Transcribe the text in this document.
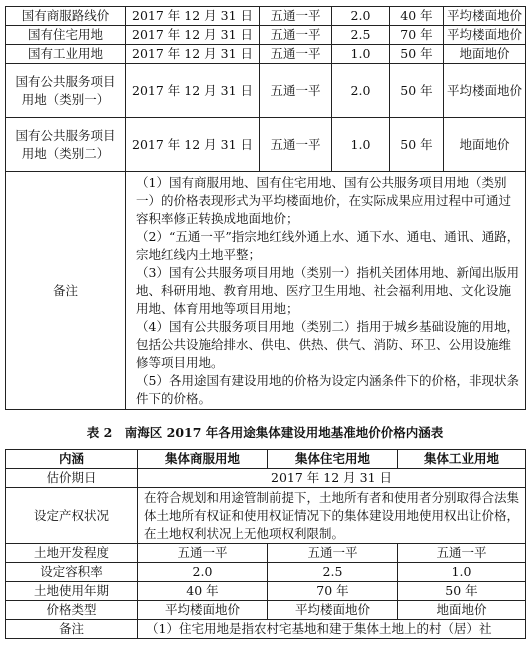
国有商服路线价	2017 年 12 月 31 日	五通一平	2.0	40 年	平均楼面地价
国有住宅用地	2017 年 12 月 31 日	五通一平	2.5	70 年	平均楼面地价
国有工业用地	2017 年 12 月 31 日	五通一平	1.0	50 年	地面地价
国有公共服务项目用地（类别一）	2017 年 12 月 31 日	五通一平	2.0	50 年	平均楼面地价
国有公共服务项目用地（类别二）	2017 年 12 月 31 日	五通一平	1.0	50 年	地面地价
备注	（1）国有商服用地、国有住宅用地、国有公共服务项目用地（类别一）的价格表现形式为平均楼面地价，在实际成果应用过程中可通过容积率修正转换成地面地价；

（2）“五通一平”指宗地红线外通上水、通下水、通电、通讯、通路，宗地红线内土地平整；

（3）国有公共服务项目用地（类别一）指机关团体用地、新闻出版用地、科研用地、教育用地、医疗卫生用地、社会福利用地、文化设施用地、体育用地等项目用地；

（4）国有公共服务项目用地（类别二）指用于城乡基础设施的用地，包括公共设施给排水、供电、供热、供气、消防、环卫、公用设施维修等项目用地。

（5）各用途国有建设用地的价格为设定内涵条件下的价格，非现状条件下的价格。				

表 2　南海区 2017 年各用途集体建设用地基准地价价格内涵表
内涵	集体商服用地	集体住宅用地	集体工业用地
估价期日	2017 年 12 月 31 日		
设定产权状况	在符合规划和用途管制前提下，土地所有者和使用者分别取得合法集体土地所有权证和使用权证情况下的集体建设用地使用权出让价格，在土地权利状况上无他项权利限制。		
土地开发程度	五通一平	五通一平	五通一平
设定容积率	2.0	2.5	1.0
土地使用年期	40 年	70 年	50 年
价格类型	平均楼面地价	平均楼面地价	地面地价
备注	（1）住宅用地是指农村宅基地和建于集体土地上的村（居）社		
